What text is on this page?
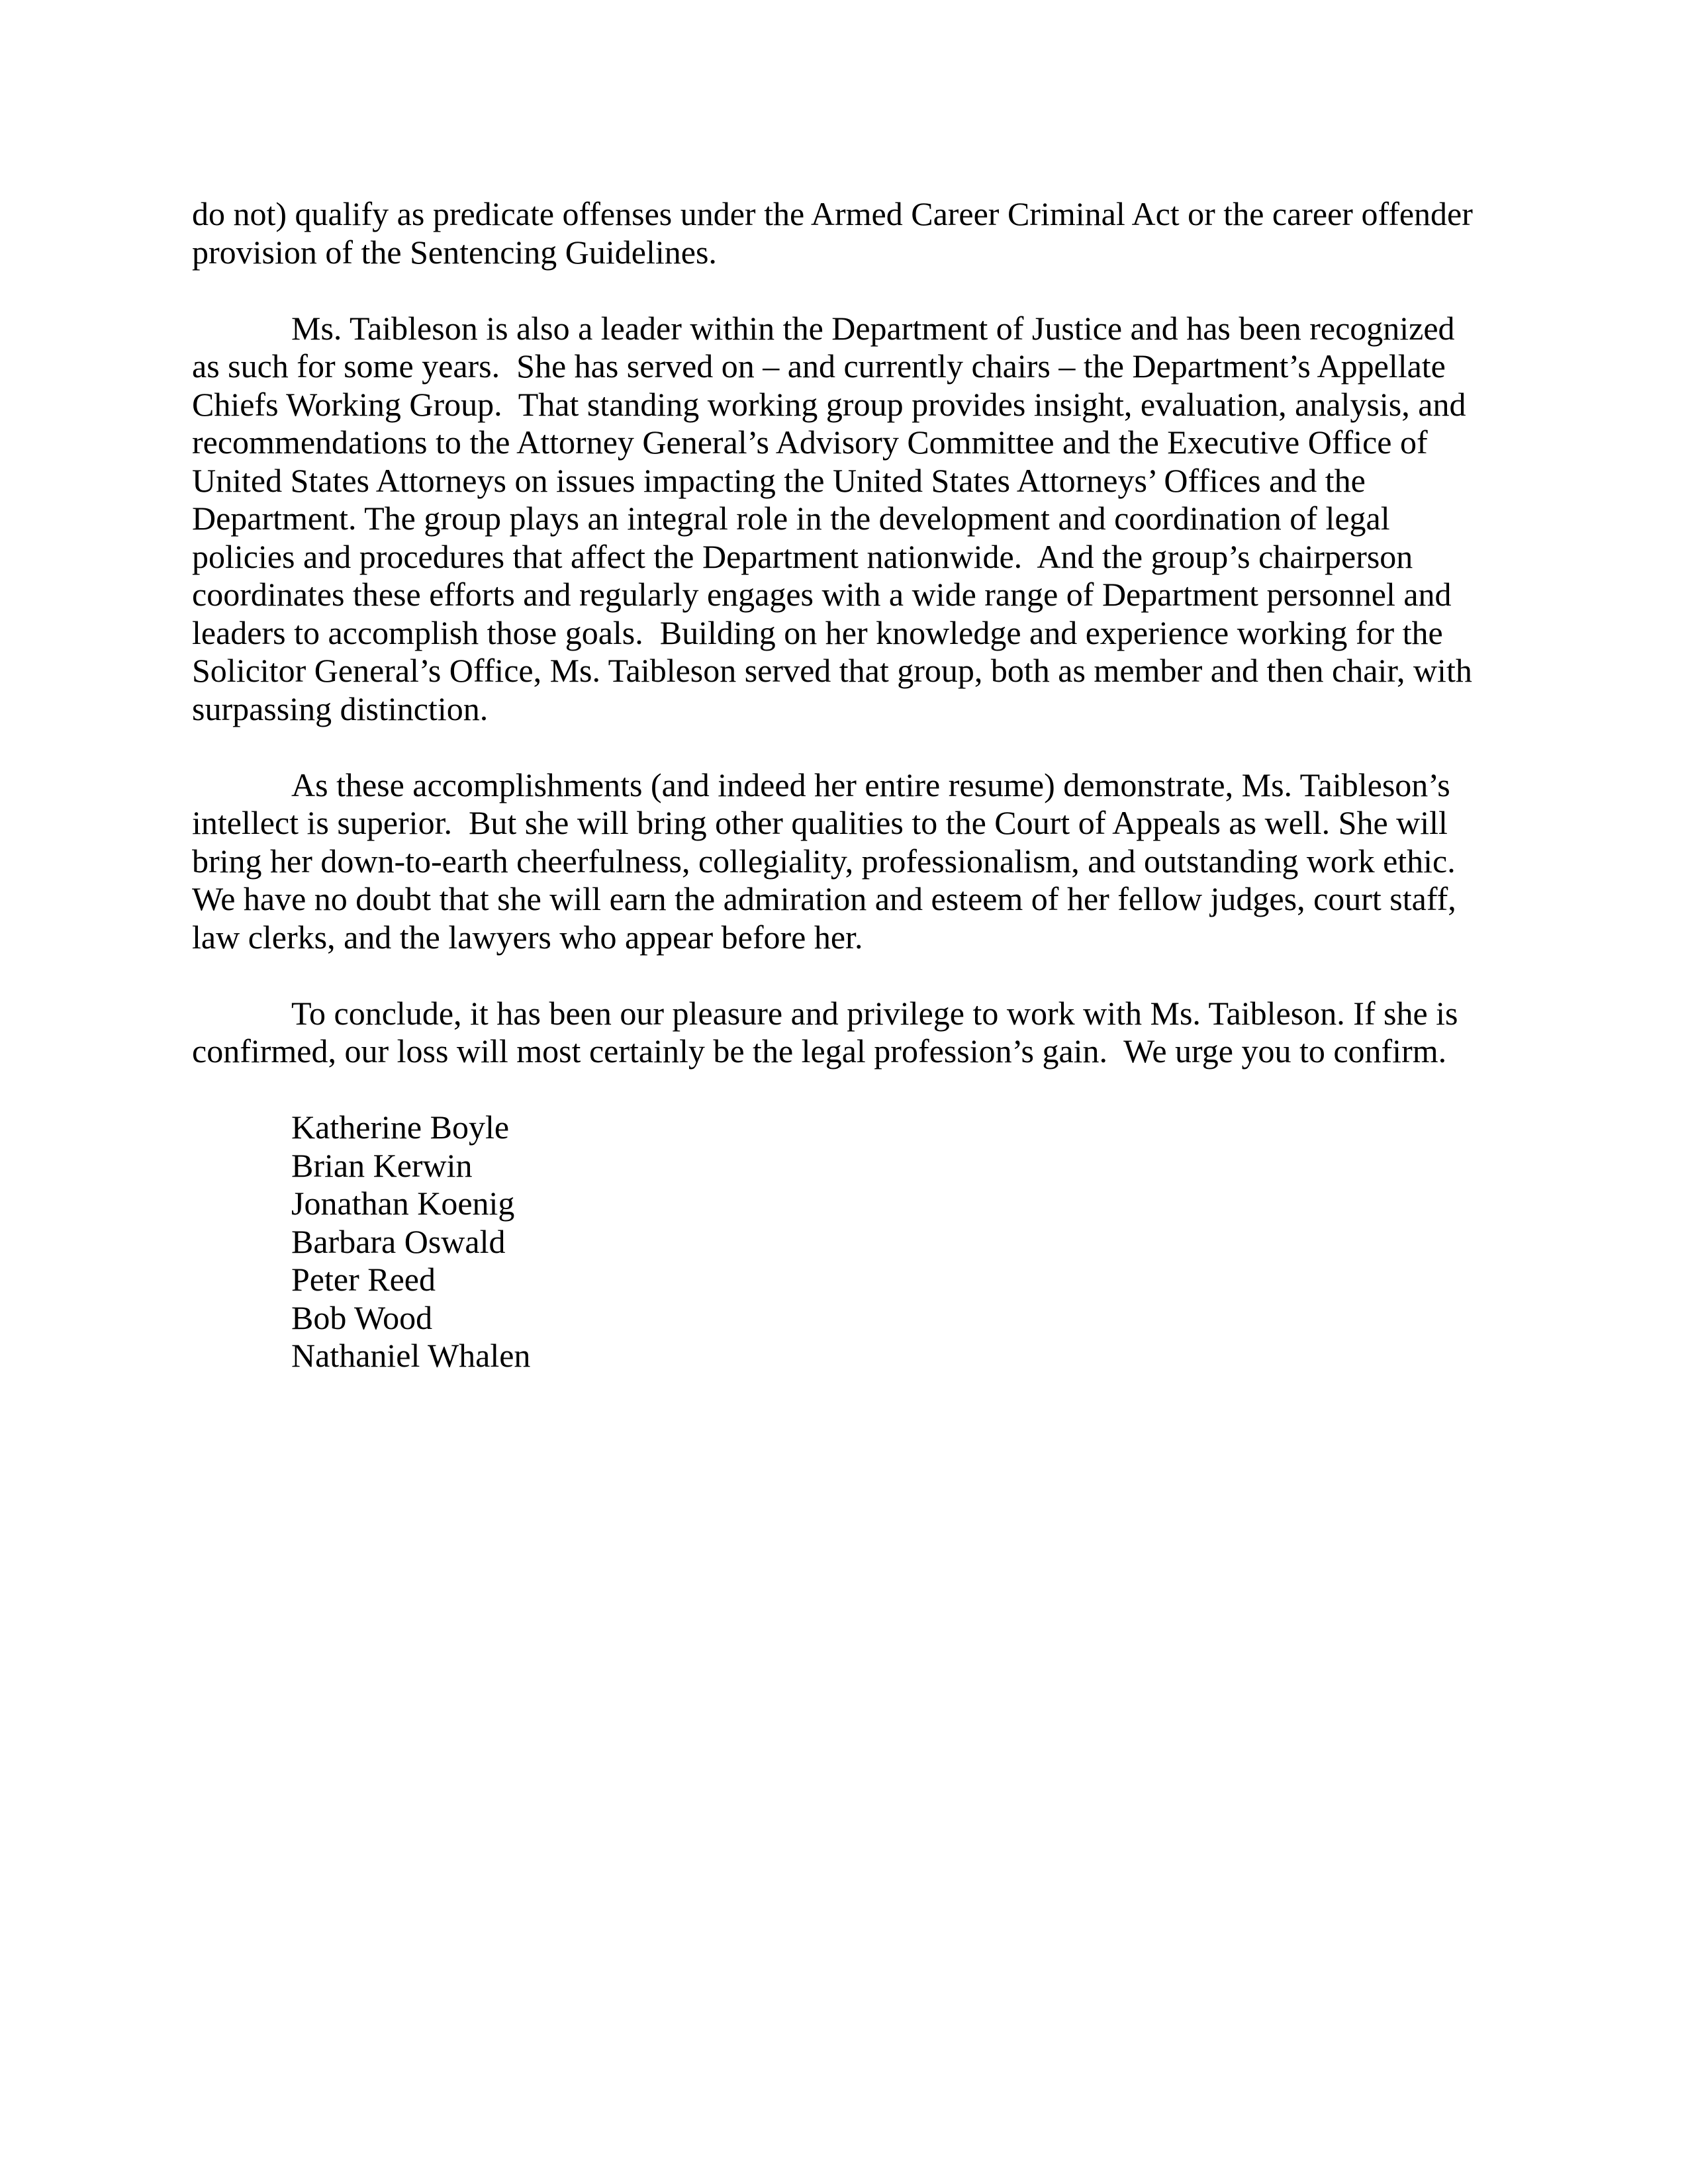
do not) qualify as predicate offenses under the Armed Career Criminal Act or the career offender
provision of the Sentencing Guidelines.
Ms. Taibleson is also a leader within the Department of Justice and has been recognized
as such for some years.  She has served on – and currently chairs – the Department’s Appellate
Chiefs Working Group.  That standing working group provides insight, evaluation, analysis, and
recommendations to the Attorney General’s Advisory Committee and the Executive Office of
United States Attorneys on issues impacting the United States Attorneys’ Offices and the
Department. The group plays an integral role in the development and coordination of legal
policies and procedures that affect the Department nationwide.  And the group’s chairperson
coordinates these efforts and regularly engages with a wide range of Department personnel and
leaders to accomplish those goals.  Building on her knowledge and experience working for the
Solicitor General’s Office, Ms. Taibleson served that group, both as member and then chair, with
surpassing distinction.
As these accomplishments (and indeed her entire resume) demonstrate, Ms. Taibleson’s
intellect is superior.  But she will bring other qualities to the Court of Appeals as well. She will
bring her down-to-earth cheerfulness, collegiality, professionalism, and outstanding work ethic.
We have no doubt that she will earn the admiration and esteem of her fellow judges, court staff,
law clerks, and the lawyers who appear before her.
To conclude, it has been our pleasure and privilege to work with Ms. Taibleson. If she is
confirmed, our loss will most certainly be the legal profession’s gain.  We urge you to confirm.
Katherine Boyle
Brian Kerwin
Jonathan Koenig
Barbara Oswald
Peter Reed
Bob Wood
Nathaniel Whalen
